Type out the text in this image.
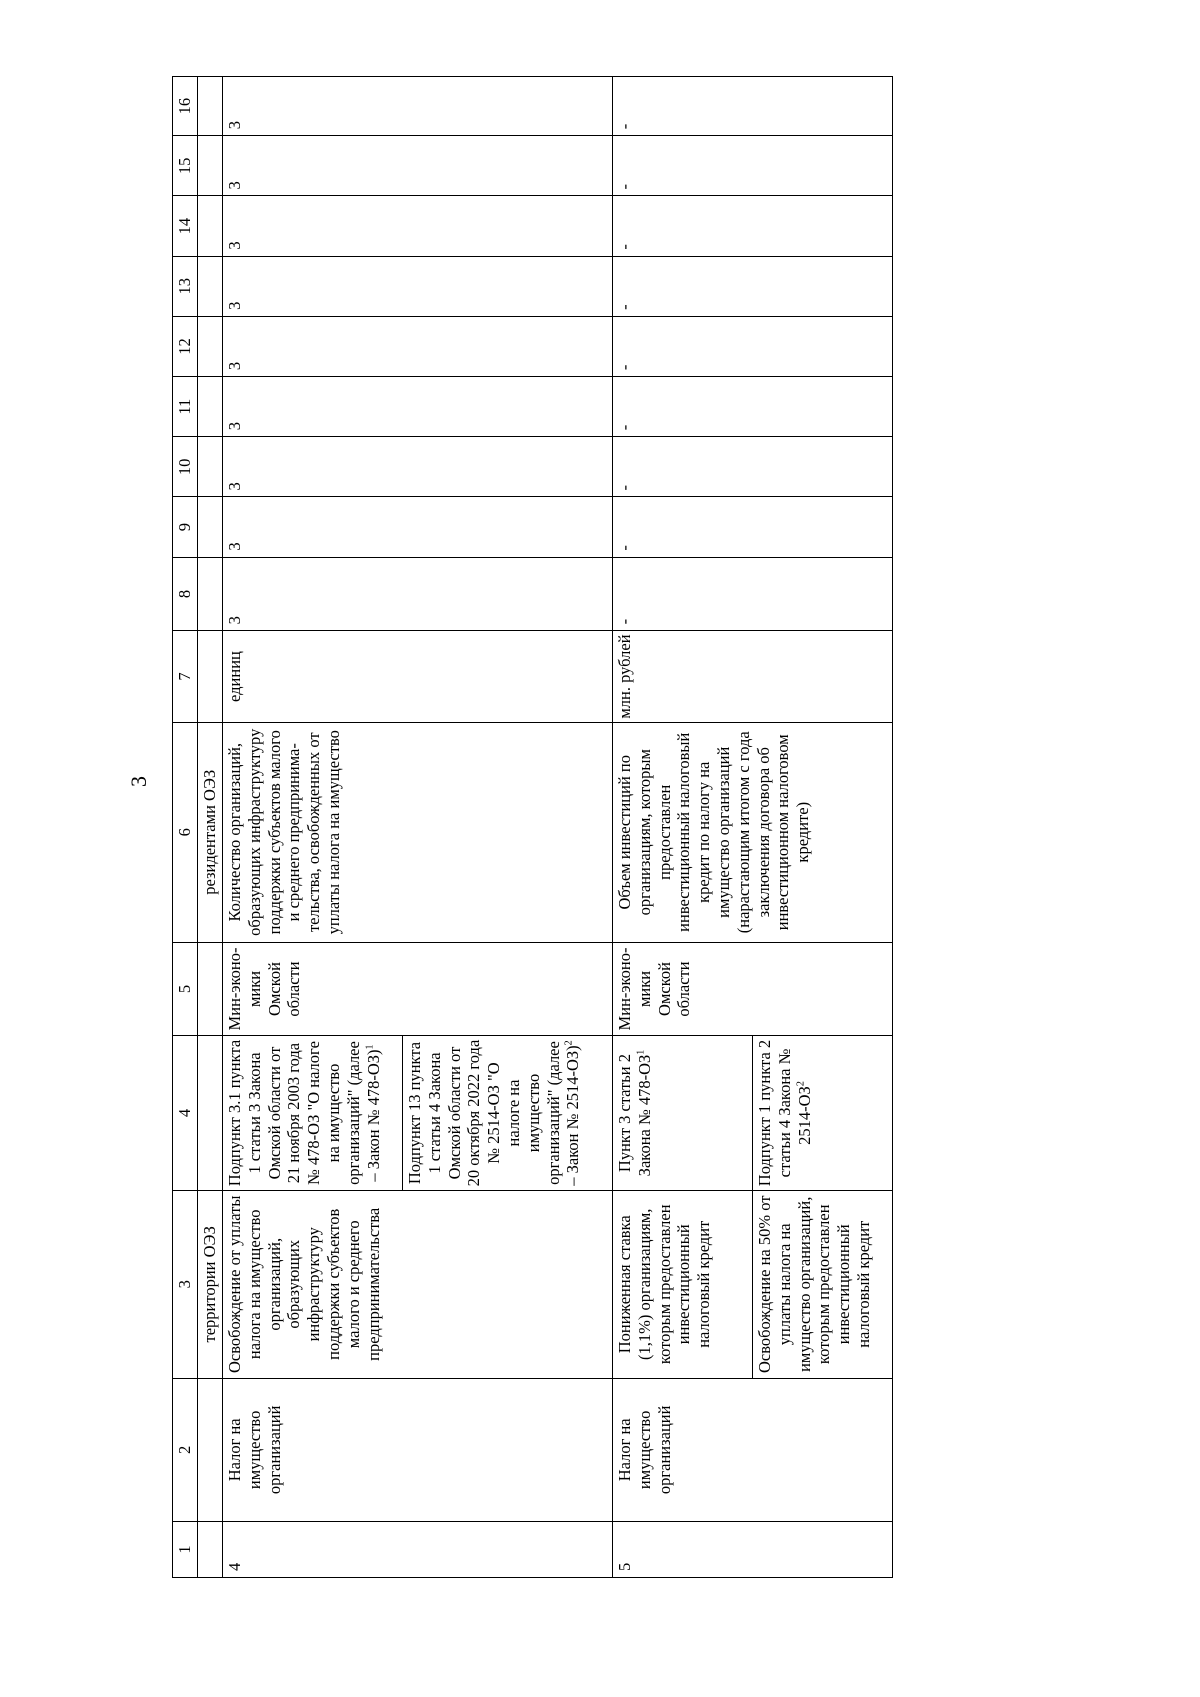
3
1	2	3	4	5	6	7	8	9	10	11	12	13	14	15	16
		территории ОЭЗ			резидентами ОЭЗ										
4	Налог на имущество организаций	Освобождение от уплаты налога на имущество организаций, образующих инфраструктуру поддержки субъектов малого и среднего предпринимательства	Подпункт 3.1 пункта 1 статьи 3 Закона Омской области от 21 ноября 2003 года № 478-ОЗ "О налоге на имущество организаций" (далее – Закон № 478-ОЗ)$^1$	Мин-эконо-мики Омской области	Количество организаций, образующих инфраструктуру поддержки субъектов малого и среднего предпринима-тельства, освобожденных от уплаты налога на имущество	единиц	3	3	3	3	3	3	3	3	3
			Подпункт 13 пункта 1 статьи 4 Закона Омской области от 20 октября 2022 года № 2514-ОЗ "О налоге на имущество организаций" (далее – Закон № 2514-ОЗ)$^2$
5	Налог на имущество организаций	Пониженная ставка (1,1%) организациям, которым предоставлен инвестиционный налоговый кредит	Пункт 3 статьи 2 Закона № $478-ОЗ^1$	Мин-эконо-мики Омской области	Объем инвестиций по организациям, которым предоставлен инвестиционный налоговый кредит по налогу на имущество организаций (нарастающим итогом с года заключения договора об инвестиционном налоговом кредите)	млн. рублей	-	-	-	-	-	-	-	-	-
		Освобождение на 50% от уплаты налога на имущество организаций, которым предоставлен инвестиционный налоговый кредит	Подпункт 1 пункта 2 статьи 4 Закона № $2514-ОЗ^2$
